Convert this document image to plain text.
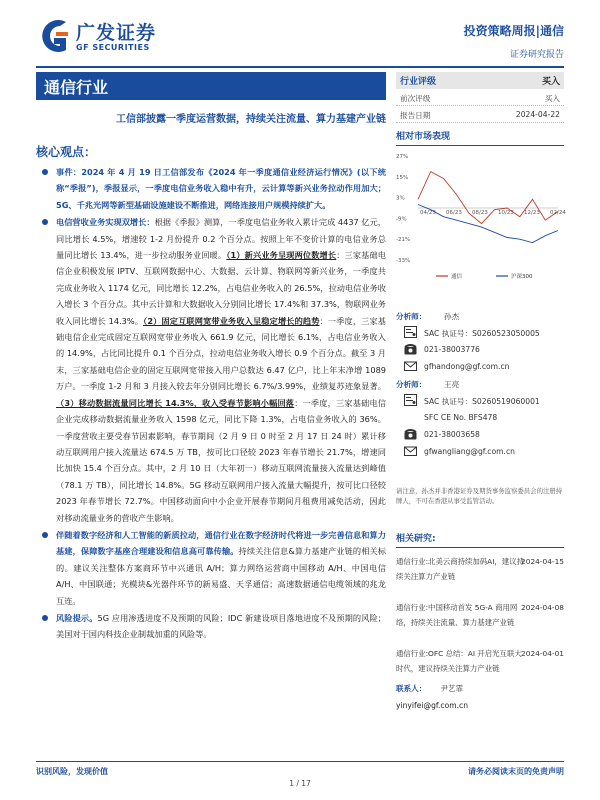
广发证券
GF SECURITIES
投资策略周报|通信
证券研究报告
通信行业
工信部披露一季度运营数据，持续关注流量、算力基建产业链
核心观点：
事件：2024 年 4 月 19 日工信部发布《2024 年一季度通信业经济运行情况》(以下统称“季报”)，季报显示，一季度电信业务收入稳中有升，云计算等新兴业务拉动作用加大；5G、千兆光网等新型基础设施建设不断推进，网络连接用户规模持续扩大。
电信营收业务实现双增长：根据《季报》测算，一季度电信业务收入累计完成 4437 亿元，同比增长 4.5%，增速较 1-2 月份提升 0.2 个百分点。按照上年不变价计算的电信业务总量同比增长 13.4%，进一步拉动服务业回暖。（1）新兴业务呈现两位数增长：三家基础电信企业积极发展 IPTV、互联网数据中心、大数据、云计算、物联网等新兴业务，一季度共完成业务收入 1174 亿元，同比增长 12.2%，占电信业务收入的 26.5%，拉动电信业务收入增长 3 个百分点。其中云计算和大数据收入分别同比增长 17.4%和 37.3%，物联网业务收入同比增长 14.3%。（2）固定互联网宽带业务收入呈稳定增长的趋势：一季度，三家基础电信企业完成固定互联网宽带业务收入 661.9 亿元，同比增长 6.1%，占电信业务收入的 14.9%，占比同比提升 0.1 个百分点，拉动电信业务收入增长 0.9 个百分点。截至 3 月末，三家基础电信企业的固定互联网宽带接入用户总数达 6.47 亿户，比上年末净增 1089 万户。一季度 1-2 月和 3 月接入较去年分别同比增长 6.7%/3.99%，业绩复苏迹象显著。（3）移动数据流量同比增长 14.3%，收入受春节影响小幅回落：一季度，三家基础电信企业完成移动数据流量业务收入 1598 亿元，同比下降 1.3%，占电信业务收入的 36%。一季度营收主要受春节因素影响，春节期间（2 月 9 日 0 时至 2 月 17 日 24 时）累计移动互联网用户接入流量达 674.5 万 TB，按可比口径较 2023 年春节增长 21.7%，增速同比加快 15.4 个百分点。其中，2 月 10 日（大年初一）移动互联网流量接入流量达到峰值（78.1 万 TB），同比增长 14.8%。5G 移动互联网用户接入流量大幅提升，按可比口径较 2023 年春节增长 72.7%。中国移动面向中小企业开展春节期间月租费用减免活动，因此对移动流量业务的营收产生影响。
伴随着数字经济和人工智能的新质拉动，通信行业在数字经济时代将进一步完善信息和算力基建，保障数字基座合理建设和信息高可靠传输。持续关注信息&算力基建产业链的相关标的。建议关注整体方案商环节中兴通讯 A/H；算力网络运营商中国移动 A/H、中国电信 A/H、中国联通；光模块&光器件环节的新易盛、天孚通信；高速数据通信电缆领域的兆龙互连。
风险提示。5G 应用渗透进度不及预期的风险；IDC 新建设项目落地进度不及预期的风险；美国对于国内科技企业制裁加重的风险等。
行业评级	买入
前次评级	买入
报告日期	2024-04-22
相对市场表现
27%
15%
3%
-9%
-21%
-33%
04/23 06/23 08/23 10/23 12/23 02/24
通信	沪深300
分析师： 孙杰
SAC 执证号：S0260523050005
021-38003776
gfhandong@gf.com.cn
分析师： 王亮
SAC 执证号：S0260519060001
SFC CE No. BFS478
021-38003658
gfwangliang@gf.com.cn
请注意，孙杰并非香港证券及期货事务监察委员会的注册持牌人，不可在香港从事受监管活动。
相关研究:
通信行业:北美云商持续加码AI，建议持续关注算力产业链
2024-04-15
通信行业:中国移动首发 5G-A 商用网络，持续关注流量、算力基建产业链
2024-04-08
通信行业:OFC 总结：AI 开启光互联大时代，建议持续关注算力产业链
2024-04-01
联系人： 尹艺霏
yinyifei@gf.com.cn
识别风险，发现价值	请务必阅读末页的免责声明
1 / 17
